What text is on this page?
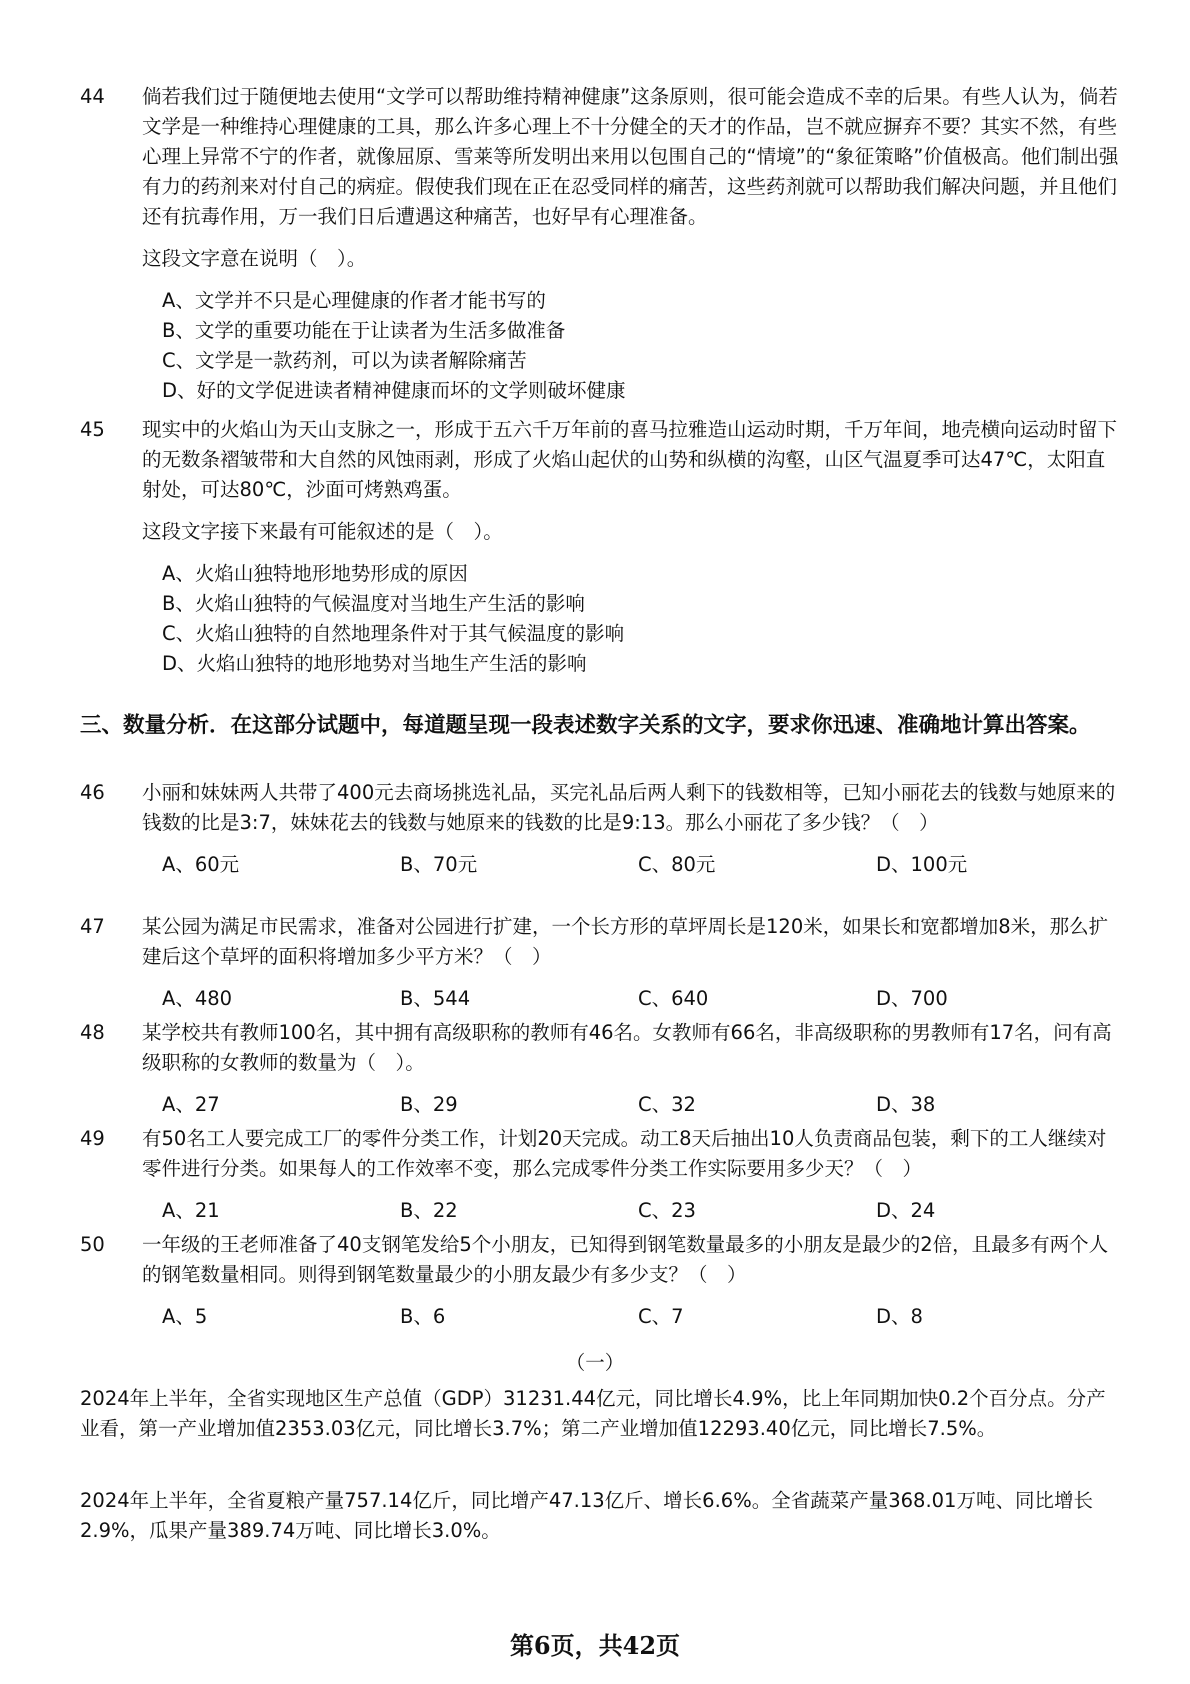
44	倘若我们过于随便地去使用“文学可以帮助维持精神健康”这条原则，很可能会造成不幸的后果。有些人认为，倘若文学是一种维持心理健康的工具，那么许多心理上不十分健全的天才的作品，岂不就应摒弃不要？其实不然，有些心理上异常不宁的作者，就像屈原、雪莱等所发明出来用以包围自己的“情境”的“象征策略”价值极高。他们制出强有力的药剂来对付自己的病症。假使我们现在正在忍受同样的痛苦，这些药剂就可以帮助我们解决问题，并且他们还有抗毒作用，万一我们日后遭遇这种痛苦，也好早有心理准备。
这段文字意在说明（　）。
A、文学并不只是心理健康的作者才能书写的
B、文学的重要功能在于让读者为生活多做准备
C、文学是一款药剂，可以为读者解除痛苦
D、好的文学促进读者精神健康而坏的文学则破坏健康
45	现实中的火焰山为天山支脉之一，形成于五六千万年前的喜马拉雅造山运动时期，千万年间，地壳横向运动时留下的无数条褶皱带和大自然的风蚀雨剥，形成了火焰山起伏的山势和纵横的沟壑，山区气温夏季可达47℃，太阳直射处，可达80℃，沙面可烤熟鸡蛋。
这段文字接下来最有可能叙述的是（　）。
A、火焰山独特地形地势形成的原因
B、火焰山独特的气候温度对当地生产生活的影响
C、火焰山独特的自然地理条件对于其气候温度的影响
D、火焰山独特的地形地势对当地生产生活的影响
三、数量分析．在这部分试题中，每道题呈现一段表述数字关系的文字，要求你迅速、准确地计算出答案。
46	小丽和妹妹两人共带了400元去商场挑选礼品，买完礼品后两人剩下的钱数相等，已知小丽花去的钱数与她原来的钱数的比是3:7，妹妹花去的钱数与她原来的钱数的比是9:13。那么小丽花了多少钱？（　）
A、60元	B、70元	C、80元	D、100元
47	某公园为满足市民需求，准备对公园进行扩建，一个长方形的草坪周长是120米，如果长和宽都增加8米，那么扩建后这个草坪的面积将增加多少平方米？（　）
A、480	B、544	C、640	D、700
48	某学校共有教师100名，其中拥有高级职称的教师有46名。女教师有66名，非高级职称的男教师有17名，问有高级职称的女教师的数量为（　）。
A、27	B、29	C、32	D、38
49	有50名工人要完成工厂的零件分类工作，计划20天完成。动工8天后抽出10人负责商品包装，剩下的工人继续对零件进行分类。如果每人的工作效率不变，那么完成零件分类工作实际要用多少天？（　）
A、21	B、22	C、23	D、24
50	一年级的王老师准备了40支钢笔发给5个小朋友，已知得到钢笔数量最多的小朋友是最少的2倍，且最多有两个人的钢笔数量相同。则得到钢笔数量最少的小朋友最少有多少支？（　）
A、5	B、6	C、7	D、8
（一）
2024年上半年，全省实现地区生产总值（GDP）31231.44亿元，同比增长4.9%，比上年同期加快0.2个百分点。分产业看，第一产业增加值2353.03亿元，同比增长3.7%；第二产业增加值12293.40亿元，同比增长7.5%。
2024年上半年，全省夏粮产量757.14亿斤，同比增产47.13亿斤、增长6.6%。全省蔬菜产量368.01万吨、同比增长2.9%，瓜果产量389.74万吨、同比增长3.0%。
第6页，共42页
